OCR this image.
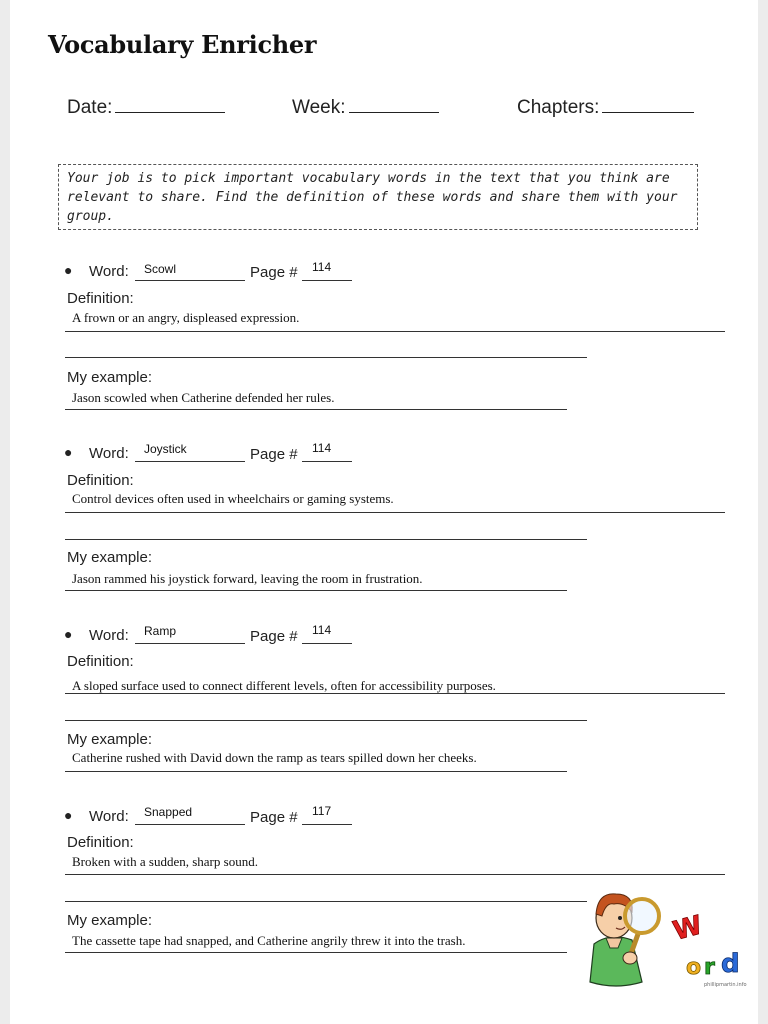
Vocabulary Enricher
Date:	Week:	Chapters:
Your job is to pick important vocabulary words in the text that you think are relevant to share. Find the definition of these words and share them with your group.
● Word: Scowl	Page # 114
Definition:
A frown or an angry, displeased expression.
My example:
Jason scowled when Catherine defended her rules.
● Word: Joystick	Page # 114
Definition:
Control devices often used in wheelchairs or gaming systems.
My example:
Jason rammed his joystick forward, leaving the room in frustration.
● Word: Ramp	Page # 114
Definition:
A sloped surface used to connect different levels, often for accessibility purposes.
My example:
Catherine rushed with David down the ramp as tears spilled down her cheeks.
● Word: Snapped	Page # 117
Definition:
Broken with a sudden, sharp sound.
My example:
The cassette tape had snapped, and Catherine angrily threw it into the trash.	W
o r d
phillipmartin.info
